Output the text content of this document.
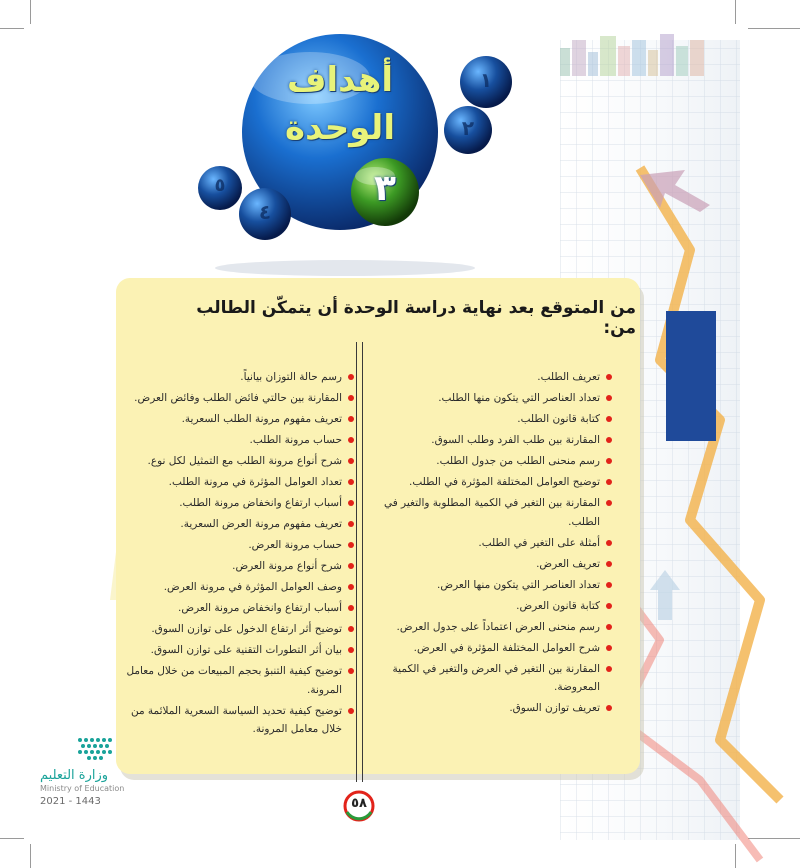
أهداف
الوحدة
٣
١
٢
٤
٥
من المتوقع بعد نهاية دراسة الوحدة أن يتمكّن الطالب من:
تعريف الطلب.
تعداد العناصر التي يتكون منها الطلب.
كتابة قانون الطلب.
المقارنة بين طلب الفرد وطلب السوق.
رسم منحنى الطلب من جدول الطلب.
توضيح العوامل المختلفة المؤثرة في الطلب.
المقارنة بين التغير في الكمية المطلوبة والتغير في الطلب.
أمثلة على التغير في الطلب.
تعريف العرض.
تعداد العناصر التي يتكون منها العرض.
كتابة قانون العرض.
رسم منحنى العرض اعتماداً على جدول العرض.
شرح العوامل المختلفة المؤثرة في العرض.
المقارنة بين التغير في العرض والتغير في الكمية المعروضة.
تعريف توازن السوق.
رسم حالة التوزان بيانياً.
المقارنة بين حالتي فائض الطلب وفائض العرض.
تعريف مفهوم مرونة الطلب السعرية.
حساب مرونة الطلب.
شرح أنواع مرونة الطلب مع التمثيل لكل نوع.
تعداد العوامل المؤثرة في مرونة الطلب.
أسباب ارتفاع وانخفاض مرونة الطلب.
تعريف مفهوم مرونة العرض السعرية.
حساب مرونة العرض.
شرح أنواع مرونة العرض.
وصف العوامل المؤثرة في مرونة العرض.
أسباب ارتفاع وانخفاض مرونة العرض.
توضيح أثر ارتفاع الدخول على توازن السوق.
بيان أثر التطورات التقنية على توازن السوق.
توضيح كيفية التنبؤ بحجم المبيعات من خلال معامل المرونة.
توضيح كيفية تحديد السياسة السعرية الملائمة من خلال معامل المرونة.
وزارة التعليم
Ministry of Education
2021 - 1443	٥٨
